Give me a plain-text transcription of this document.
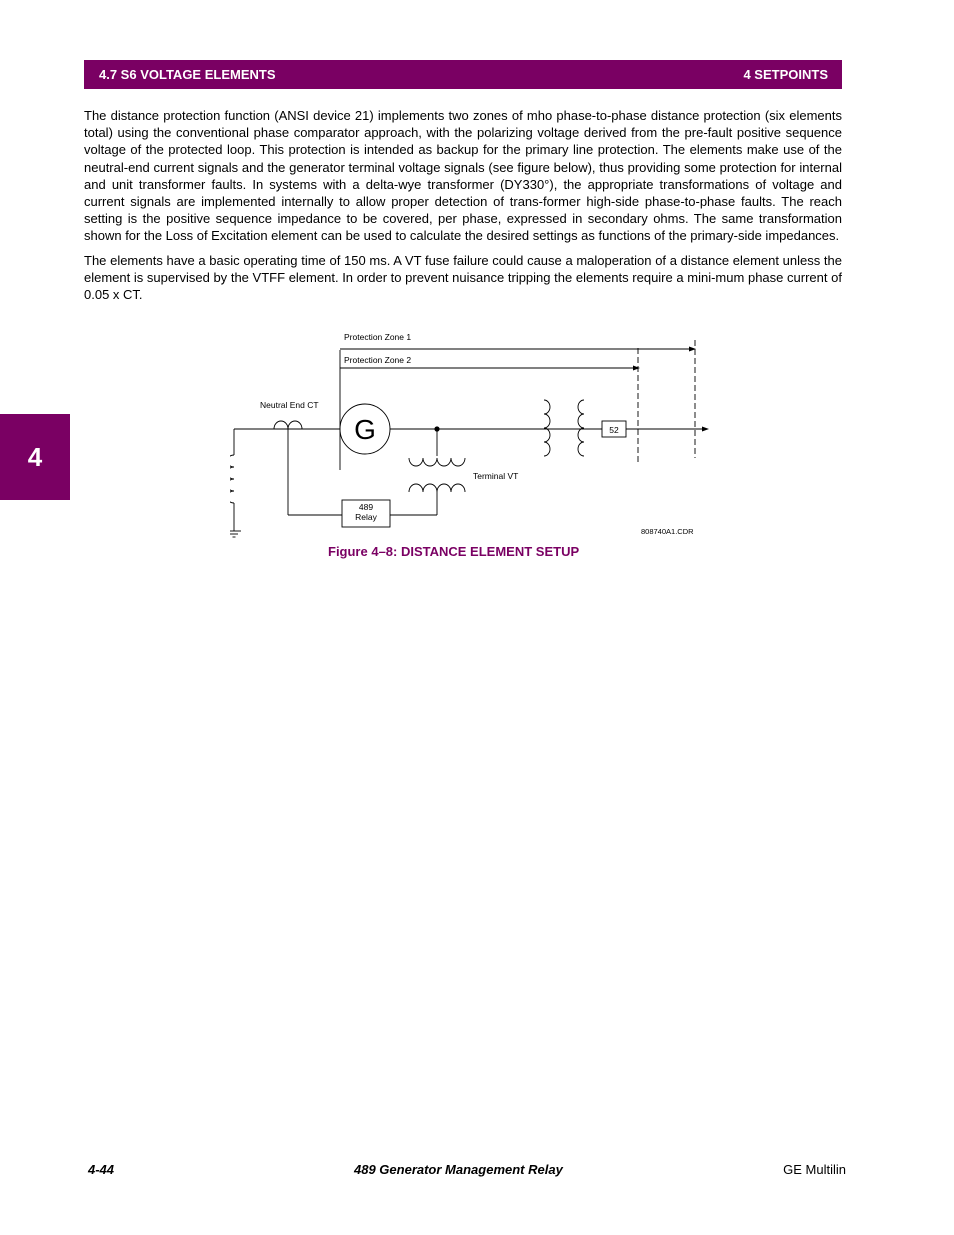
4.7 S6 VOLTAGE ELEMENTS	4 SETPOINTS
4

The distance protection function (ANSI device 21) implements two zones of mho phase-to-phase distance protection (six elements total) using the conventional phase comparator approach, with the polarizing voltage derived from the pre-fault positive sequence voltage of the protected loop. This protection is intended as backup for the primary line protection. The elements make use of the neutral-end current signals and the generator terminal voltage signals (see figure below), thus providing some protection for internal and unit transformer faults. In systems with a delta-wye transformer (DY330°), the appropriate transformations of voltage and current signals are implemented internally to allow proper detection of trans-former high-side phase-to-phase faults. The reach setting is the positive sequence impedance to be covered, per phase, expressed in secondary ohms. The same transformation shown for the Loss of Excitation element can be used to calculate the desired settings as functions of the primary-side impedances.

The elements have a basic operating time of 150 ms. A VT fuse failure could cause a maloperation of a distance element unless the element is supervised by the VTFF element. In order to prevent nuisance tripping the elements require a mini-mum phase current of 0.05 x CT.

Protection Zone 1
Protection Zone 2
Neutral End CT
G	52
Terminal VT
489
Relay
808740A1.CDR
Figure 4–8: DISTANCE ELEMENT SETUP
4-44	489 Generator Management Relay	GE Multilin
